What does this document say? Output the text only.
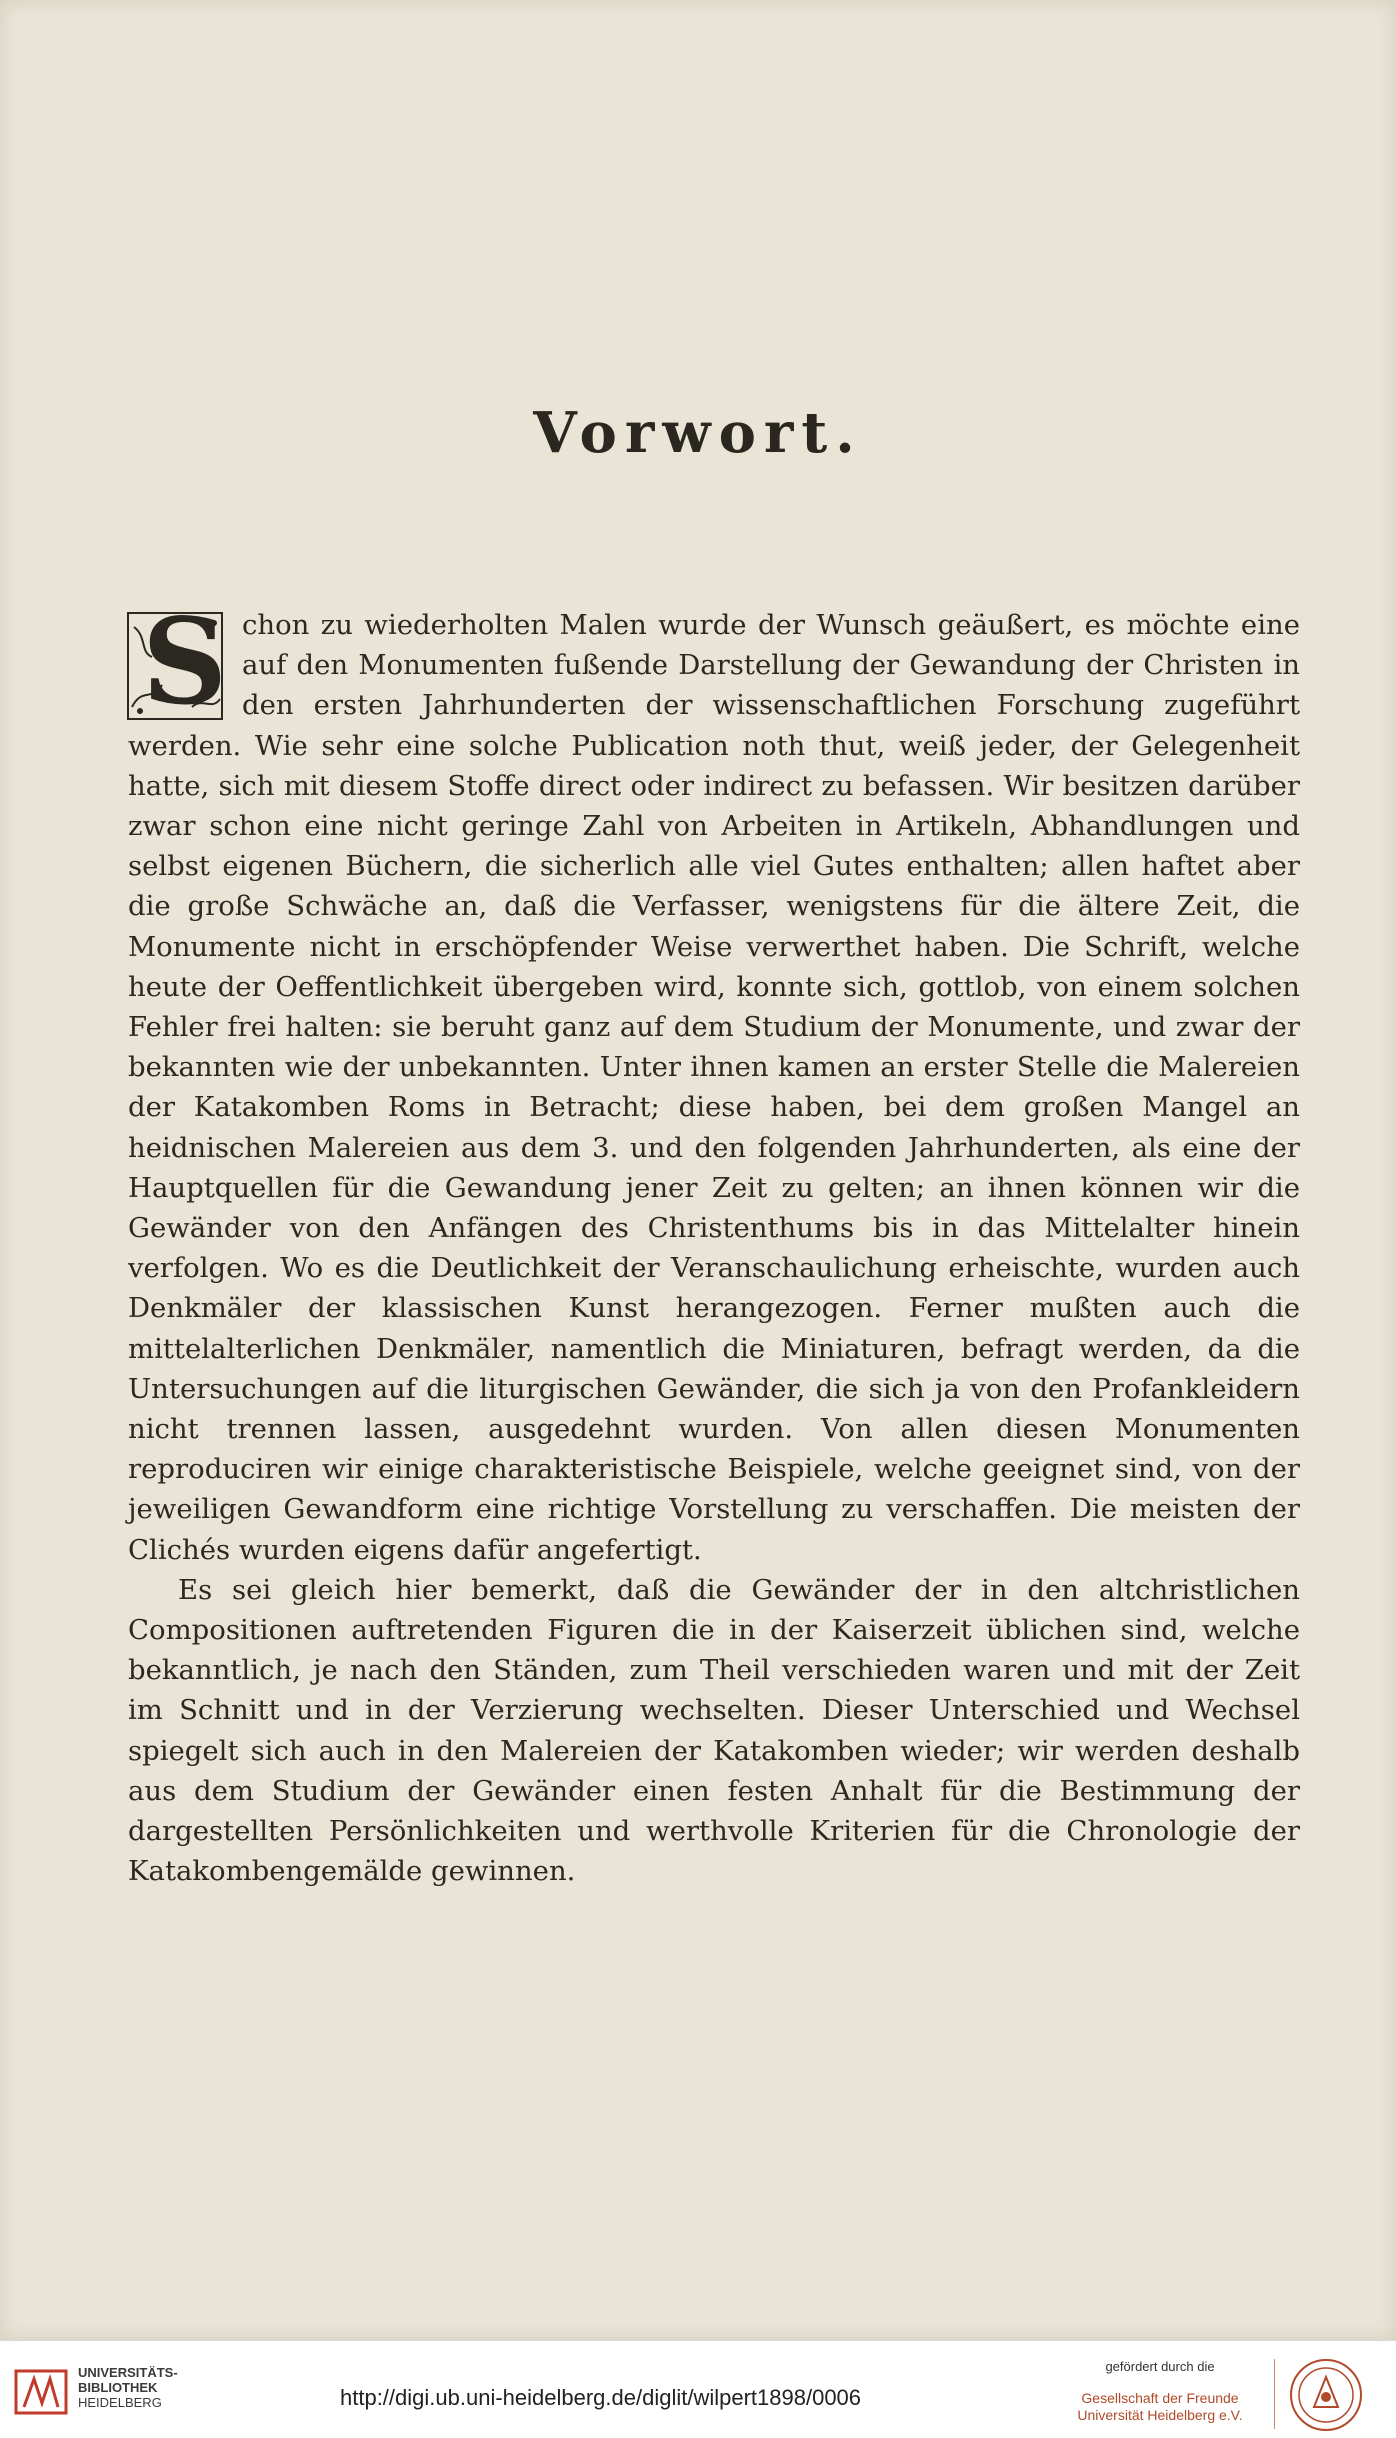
Vorwort.

S chon zu wiederholten Malen wurde der Wunsch geäußert, es möchte eine auf den Monumenten fußende Darstellung der Gewandung der Christen in den ersten Jahrhunderten der wissenschaftlichen Forschung zugeführt werden. Wie sehr eine solche Publication noth thut, weiß jeder, der Gelegenheit hatte, sich mit diesem Stoffe direct oder indirect zu befassen. Wir besitzen darüber zwar schon eine nicht geringe Zahl von Arbeiten in Artikeln, Abhandlungen und selbst eigenen Büchern, die sicherlich alle viel Gutes enthalten; allen haftet aber die große Schwäche an, daß die Verfasser, wenigstens für die ältere Zeit, die Monumente nicht in erschöpfender Weise verwerthet haben. Die Schrift, welche heute der Oeffentlichkeit übergeben wird, konnte sich, gottlob, von einem solchen Fehler frei halten: sie beruht ganz auf dem Studium der Monumente, und zwar der bekannten wie der unbekannten. Unter ihnen kamen an erster Stelle die Malereien der Katakomben Roms in Betracht; diese haben, bei dem großen Mangel an heidnischen Malereien aus dem 3. und den folgenden Jahrhunderten, als eine der Hauptquellen für die Gewandung jener Zeit zu gelten; an ihnen können wir die Gewänder von den Anfängen des Christenthums bis in das Mittelalter hinein verfolgen. Wo es die Deutlichkeit der Veranschaulichung erheischte, wurden auch Denkmäler der klassischen Kunst herangezogen. Ferner mußten auch die mittelalterlichen Denkmäler, namentlich die Miniaturen, befragt werden, da die Untersuchungen auf die liturgischen Gewänder, die sich ja von den Profankleidern nicht trennen lassen, ausgedehnt wurden. Von allen diesen Monumenten reproduciren wir einige charakteristische Beispiele, welche geeignet sind, von der jeweiligen Gewandform eine richtige Vorstellung zu verschaffen. Die meisten der Clichés wurden eigens dafür angefertigt.

Es sei gleich hier bemerkt, daß die Gewänder der in den altchristlichen Compositionen auftretenden Figuren die in der Kaiserzeit üblichen sind, welche bekanntlich, je nach den Ständen, zum Theil verschieden waren und mit der Zeit im Schnitt und in der Verzierung wechselten. Dieser Unterschied und Wechsel spiegelt sich auch in den Malereien der Katakomben wieder; wir werden deshalb aus dem Studium der Gewänder einen festen Anhalt für die Bestimmung der dargestellten Persönlichkeiten und werthvolle Kriterien für die Chronologie der Katakombengemälde gewinnen.

UNIVERSITÄTS-
BIBLIOTHEK
HEIDELBERG	http://digi.ub.uni-heidelberg.de/diglit/wilpert1898/0006
gefördert durch die
Gesellschaft der Freunde
Universität Heidelberg e.V.
